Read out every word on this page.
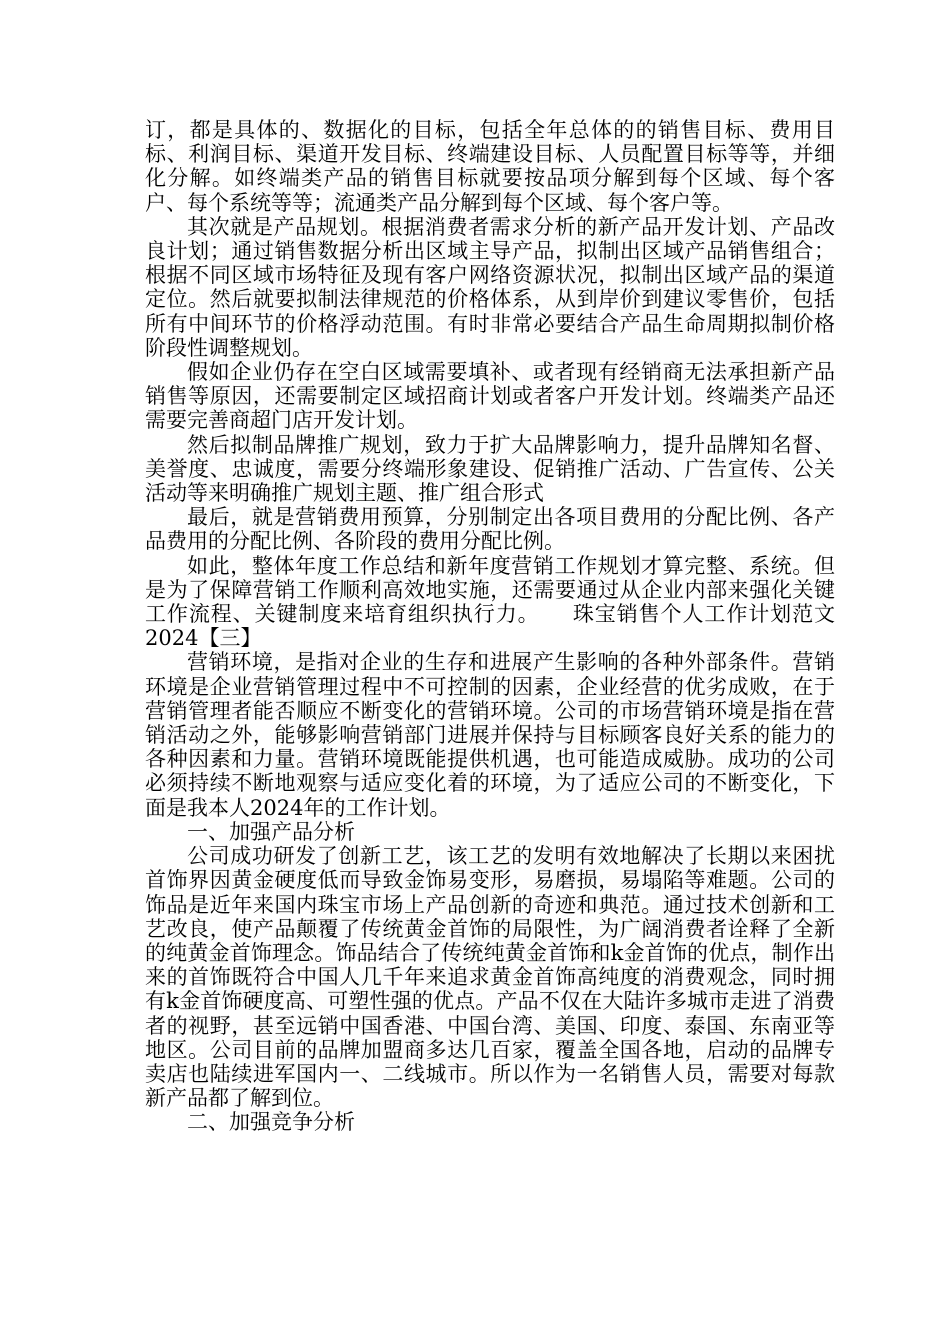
订，都是具体的、数据化的目标，包括全年总体的的销售目标、费用目标、利润目标、渠道开发目标、终端建设目标、人员配置目标等等，并细化分解。如终端类产品的销售目标就要按品项分解到每个区域、每个客户、每个系统等等；流通类产品分解到每个区域、每个客户等。

其次就是产品规划。根据消费者需求分析的新产品开发计划、产品改良计划；通过销售数据分析出区域主导产品，拟制出区域产品销售组合；根据不同区域市场特征及现有客户网络资源状况，拟制出区域产品的渠道定位。然后就要拟制法律规范的价格体系，从到岸价到建议零售价，包括所有中间环节的价格浮动范围。有时非常必要结合产品生命周期拟制价格阶段性调整规划。

假如企业仍存在空白区域需要填补、或者现有经销商无法承担新产品销售等原因，还需要制定区域招商计划或者客户开发计划。终端类产品还需要完善商超门店开发计划。

然后拟制品牌推广规划，致力于扩大品牌影响力，提升品牌知名督、美誉度、忠诚度，需要分终端形象建设、促销推广活动、广告宣传、公关活动等来明确推广规划主题、推广组合形式

最后，就是营销费用预算，分别制定出各项目费用的分配比例、各产品费用的分配比例、各阶段的费用分配比例。

如此，整体年度工作总结和新年度营销工作规划才算完整、系统。但是为了保障营销工作顺利高效地实施，还需要通过从企业内部来强化关键工作流程、关键制度来培育组织执行力。　　珠宝销售个人工作计划范文2024【三】

营销环境，是指对企业的生存和进展产生影响的各种外部条件。营销环境是企业营销管理过程中不可控制的因素，企业经营的优劣成败，在于营销管理者能否顺应不断变化的营销环境。公司的市场营销环境是指在营销活动之外，能够影响营销部门进展并保持与目标顾客良好关系的能力的各种因素和力量。营销环境既能提供机遇，也可能造成威胁。成功的公司必须持续不断地观察与适应变化着的环境，为了适应公司的不断变化，下面是我本人2024年的工作计划。

一、加强产品分析

公司成功研发了创新工艺，该工艺的发明有效地解决了长期以来困扰首饰界因黄金硬度低而导致金饰易变形，易磨损，易塌陷等难题。公司的饰品是近年来国内珠宝市场上产品创新的奇迹和典范。通过技术创新和工艺改良，使产品颠覆了传统黄金首饰的局限性，为广阔消费者诠释了全新的纯黄金首饰理念。饰品结合了传统纯黄金首饰和k金首饰的优点，制作出来的首饰既符合中国人几千年来追求黄金首饰高纯度的消费观念，同时拥有k金首饰硬度高、可塑性强的优点。产品不仅在大陆许多城市走进了消费者的视野，甚至远销中国香港、中国台湾、美国、印度、泰国、东南亚等地区。公司目前的品牌加盟商多达几百家，覆盖全国各地，启动的品牌专卖店也陆续进军国内一、二线城市。所以作为一名销售人员，需要对每款新产品都了解到位。

二、加强竞争分析
